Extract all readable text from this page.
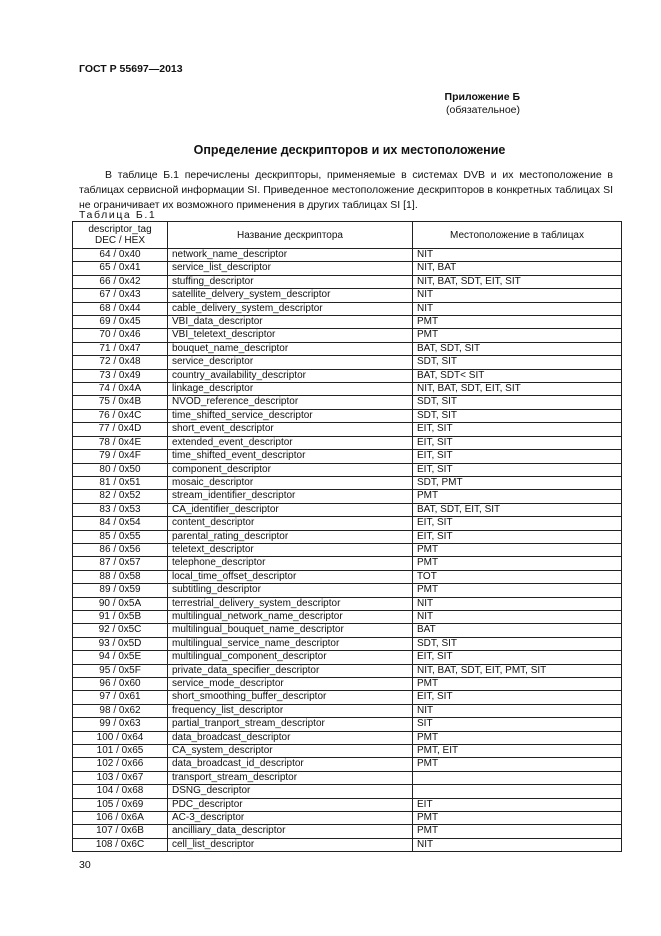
ГОСТ Р 55697—2013
Приложение Б
(обязательное)
Определение дескрипторов и их местоположение
В таблице Б.1 перечислены дескрипторы, применяемые в системах DVB и их местоположение в таблицах сервисной информации SI. Приведенное местоположение дескрипторов в конкретных таблицах SI не ограничивает их возможного применения в других таблицах SI [1].
Таблица Б.1
descriptor_tag
DEC / HEX	Название дескриптора	Местоположение в таблицах
64 / 0x40	network_name_descriptor	NIT
65 / 0x41	service_list_descriptor	NIT, BAT
66 / 0x42	stuffing_descriptor	NIT, BAT, SDT, EIT, SIT
67 / 0x43	satellite_delvery_system_descriptor	NIT
68 / 0x44	cable_delivery_system_descriptor	NIT
69 / 0x45	VBI_data_descriptor	PMT
70 / 0x46	VBI_teletext_descriptor	PMT
71 / 0x47	bouquet_name_descriptor	BAT, SDT, SIT
72 / 0x48	service_descriptor	SDT, SIT
73 / 0x49	country_availability_descriptor	BAT, SDT< SIT
74 / 0x4A	linkage_descriptor	NIT, BAT, SDT, EIT, SIT
75 / 0x4B	NVOD_reference_descriptor	SDT, SIT
76 / 0x4C	time_shifted_service_descriptor	SDT, SIT
77 / 0x4D	short_event_descriptor	EIT, SIT
78 / 0x4E	extended_event_descriptor	EIT, SIT
79 / 0x4F	time_shifted_event_descriptor	EIT, SIT
80 / 0x50	component_descriptor	EIT, SIT
81 / 0x51	mosaic_descriptor	SDT, PMT
82 / 0x52	stream_identifier_descriptor	PMT
83 / 0x53	CA_identifier_descriptor	BAT, SDT, EIT, SIT
84 / 0x54	content_descriptor	EIT, SIT
85 / 0x55	parental_rating_descriptor	EIT, SIT
86 / 0x56	teletext_descriptor	PMT
87 / 0x57	telephone_descriptor	PMT
88 / 0x58	local_time_offset_descriptor	TOT
89 / 0x59	subtitling_descriptor	PMT
90 / 0x5A	terrestrial_delivery_system_descriptor	NIT
91 / 0x5B	multilingual_network_name_descriptor	NIT
92 / 0x5C	multilingual_bouquet_name_descriptor	BAT
93 / 0x5D	multilingual_service_name_descriptor	SDT, SIT
94 / 0x5E	multilingual_component_descriptor	EIT, SIT
95 / 0x5F	private_data_specifier_descriptor	NIT, BAT, SDT, EIT, PMT, SIT
96 / 0x60	service_mode_descriptor	PMT
97 / 0x61	short_smoothing_buffer_descriptor	EIT, SIT
98 / 0x62	frequency_list_descriptor	NIT
99 / 0x63	partial_tranport_stream_descriptor	SIT
100 / 0x64	data_broadcast_descriptor	PMT
101 / 0x65	CA_system_descriptor	PMT, EIT
102 / 0x66	data_broadcast_id_descriptor	PMT
103 / 0x67	transport_stream_descriptor	
104 / 0x68	DSNG_descriptor	
105 / 0x69	PDC_descriptor	EIT
106 / 0x6A	AC-3_descriptor	PMT
107 / 0x6B	ancilliary_data_descriptor	PMT
108 / 0x6C	cell_list_descriptor	NIT
30
